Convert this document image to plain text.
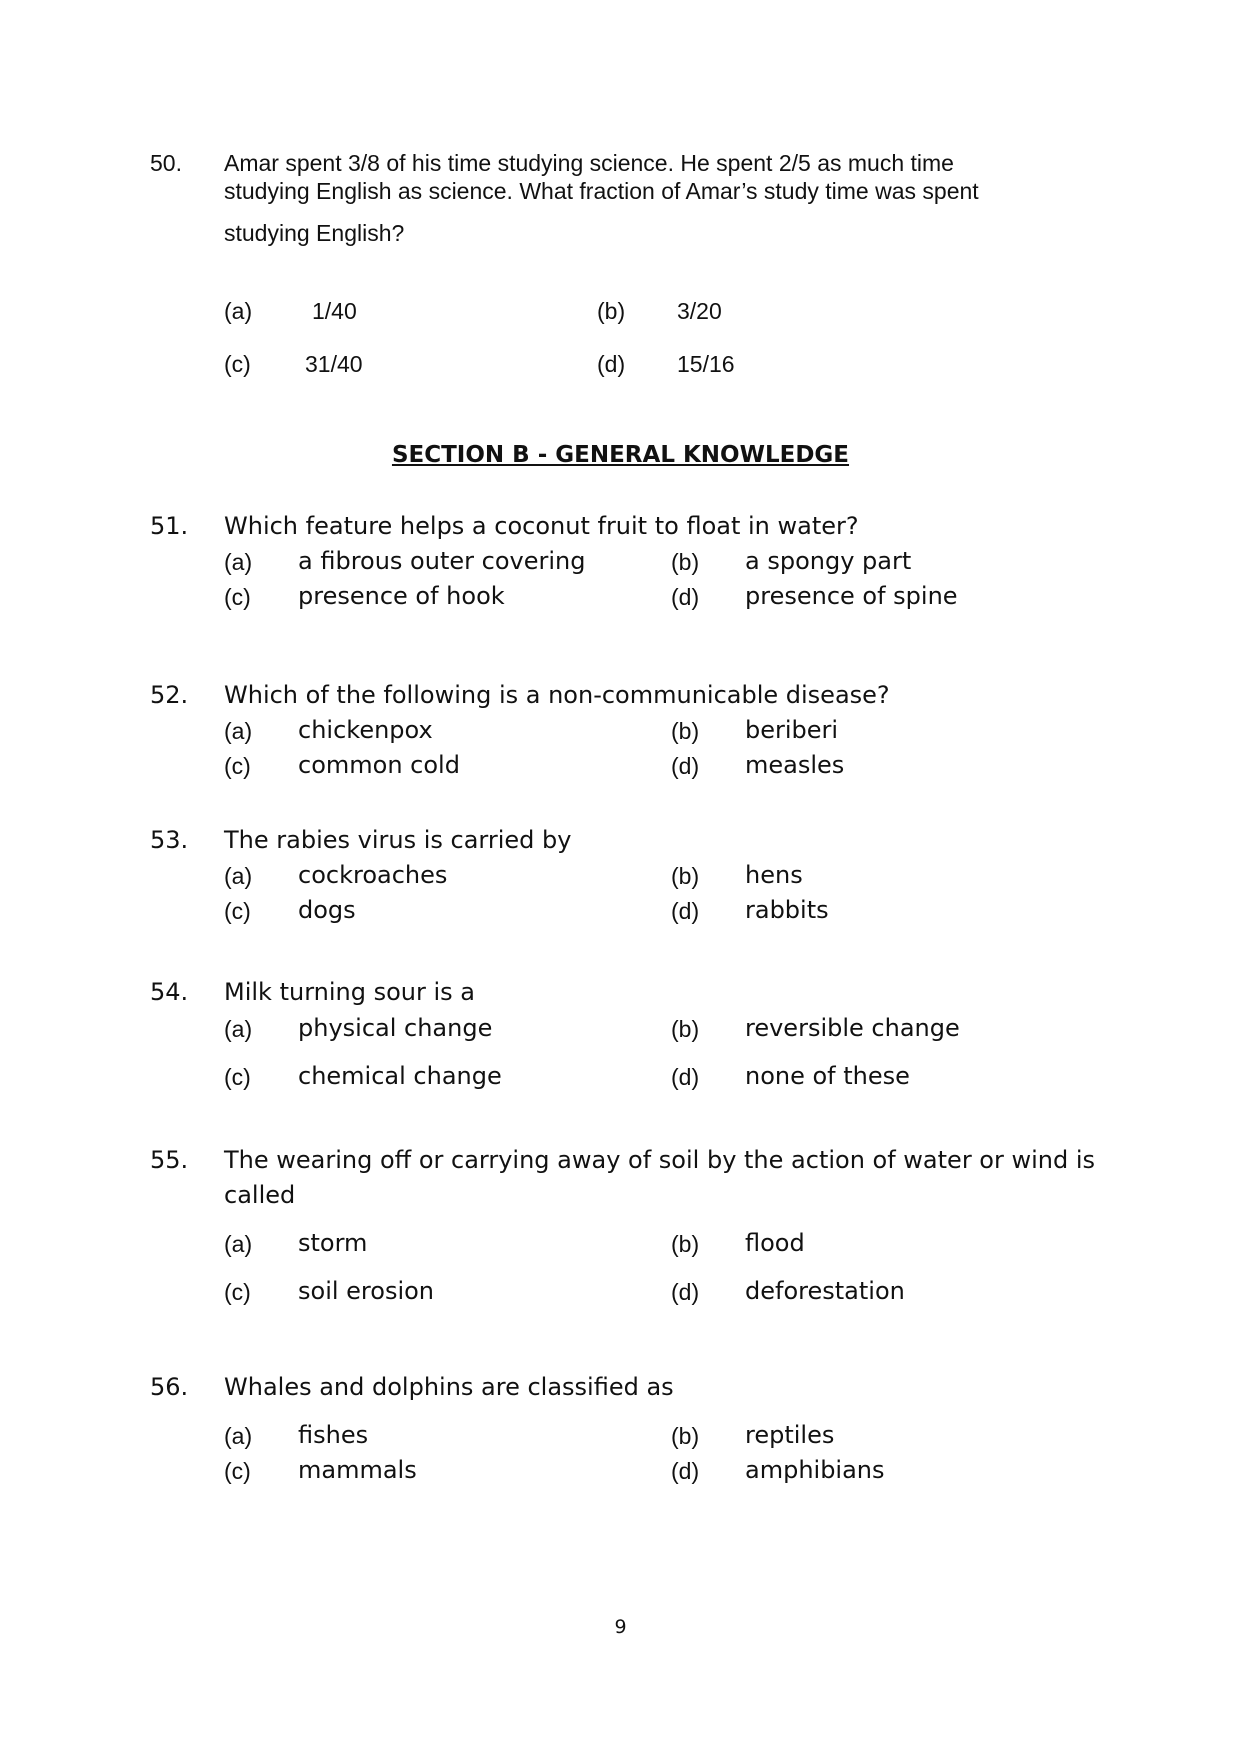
50. Amar spent 3/8 of his time studying science. He spent 2/5 as much time
studying English as science. What fraction of Amar’s study time was spent
studying English?
(a)	1/40	(b) 3/20
(c) 31/40	(d) 15/16
SECTION B - GENERAL KNOWLEDGE
51. Which feature helps a coconut fruit to float in water?
(a) a fibrous outer covering	(b) a spongy part
(c) presence of hook	(d) presence of spine
52. Which of the following is a non-communicable disease?
(a) chickenpox	(b) beriberi
(c) common cold	(d) measles
53. The rabies virus is carried by
(a) cockroaches	(b) hens
(c) dogs	(d) rabbits
54. Milk turning sour is a
(a) physical change	(b) reversible change
(c) chemical change	(d) none of these
55. The wearing off or carrying away of soil by the action of water or wind is
called
(a) storm	(b) flood
(c) soil erosion	(d) deforestation
56. Whales and dolphins are classified as
(a) fishes	(b) reptiles
(c) mammals	(d) amphibians
9
